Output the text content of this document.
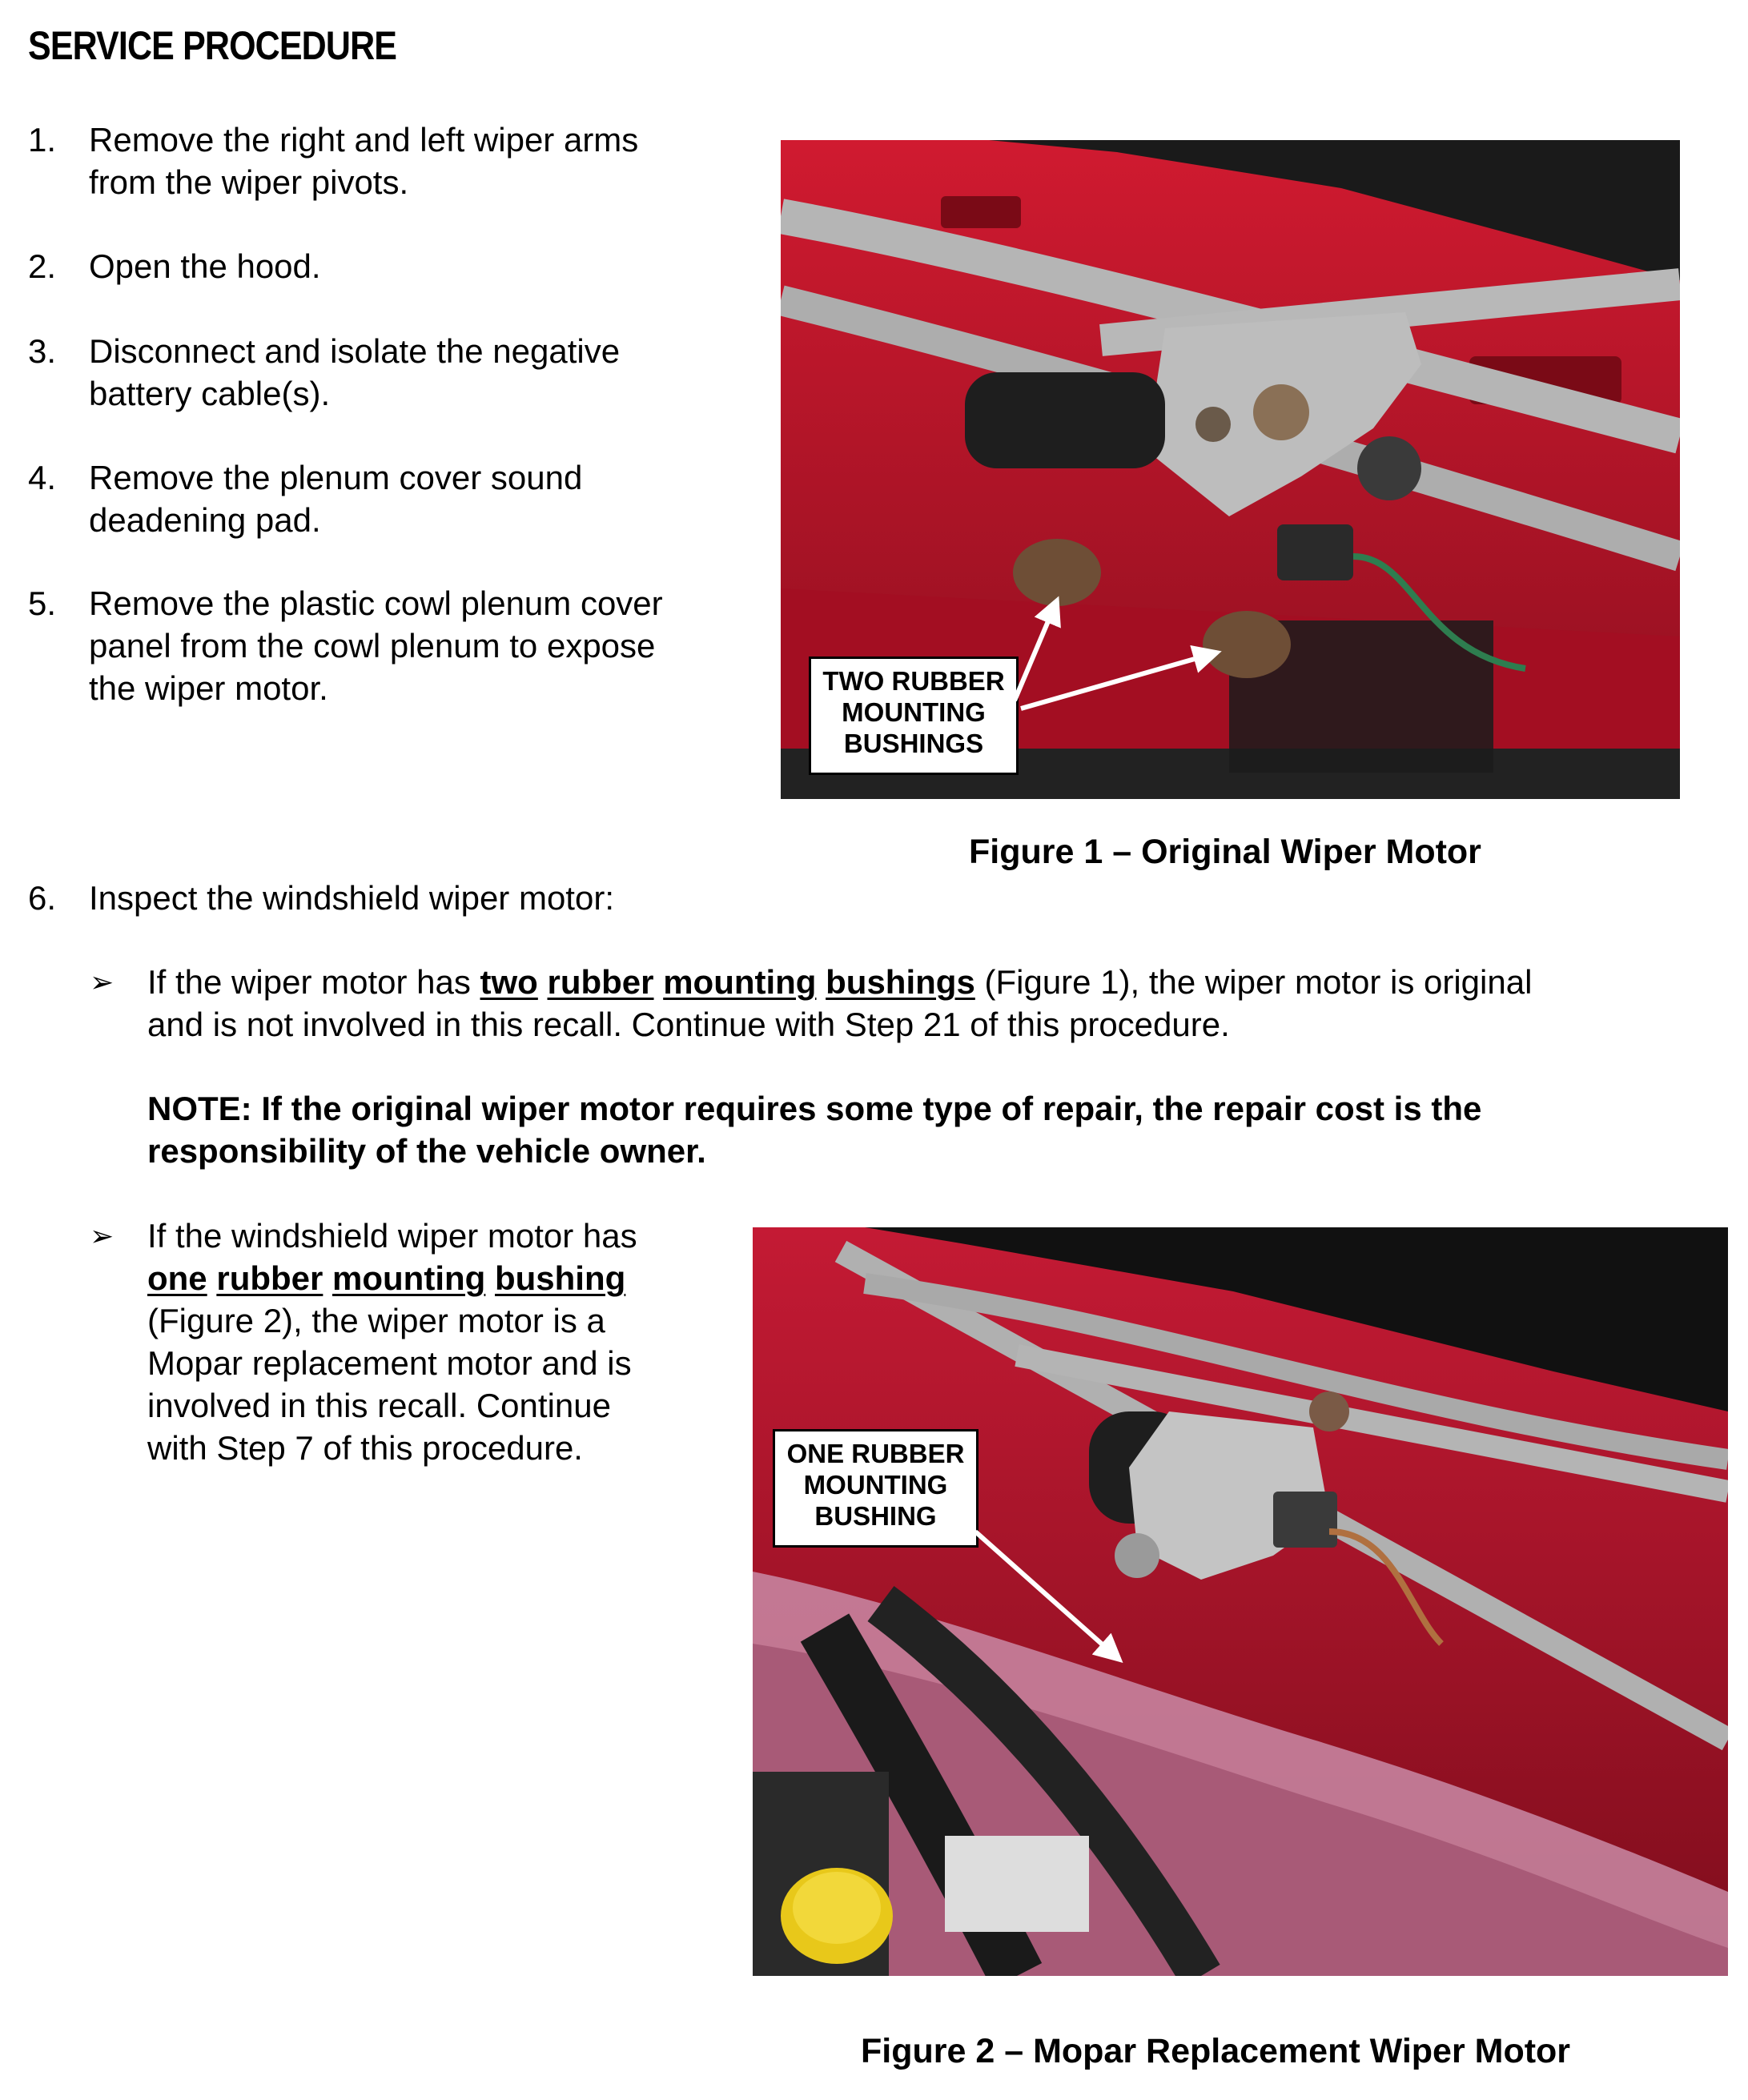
SERVICE PROCEDURE
1. Remove the right and left wiper arms
from the wiper pivots.
2. Open the hood.
3. Disconnect and isolate the negative
battery cable(s).
4. Remove the plenum cover sound
deadening pad.
5. Remove the plastic cowl plenum cover
panel from the cowl plenum to expose
the wiper motor.	TWO RUBBER
MOUNTING
BUSHINGS
Figure 1 – Original Wiper Motor
6. Inspect the windshield wiper motor:
➢ If the wiper motor has two rubber mounting bushings (Figure 1), the wiper motor is original
and is not involved in this recall. Continue with Step 21 of this procedure.
NOTE: If the original wiper motor requires some type of repair, the repair cost is the
responsibility of the vehicle owner.
➢ If the windshield wiper motor has
one rubber mounting bushing
(Figure 2), the wiper motor is a
Mopar replacement motor and is
involved in this recall. Continue
with Step 7 of this procedure.	ONE RUBBER
MOUNTING
BUSHING
Figure 2 – Mopar Replacement Wiper Motor
